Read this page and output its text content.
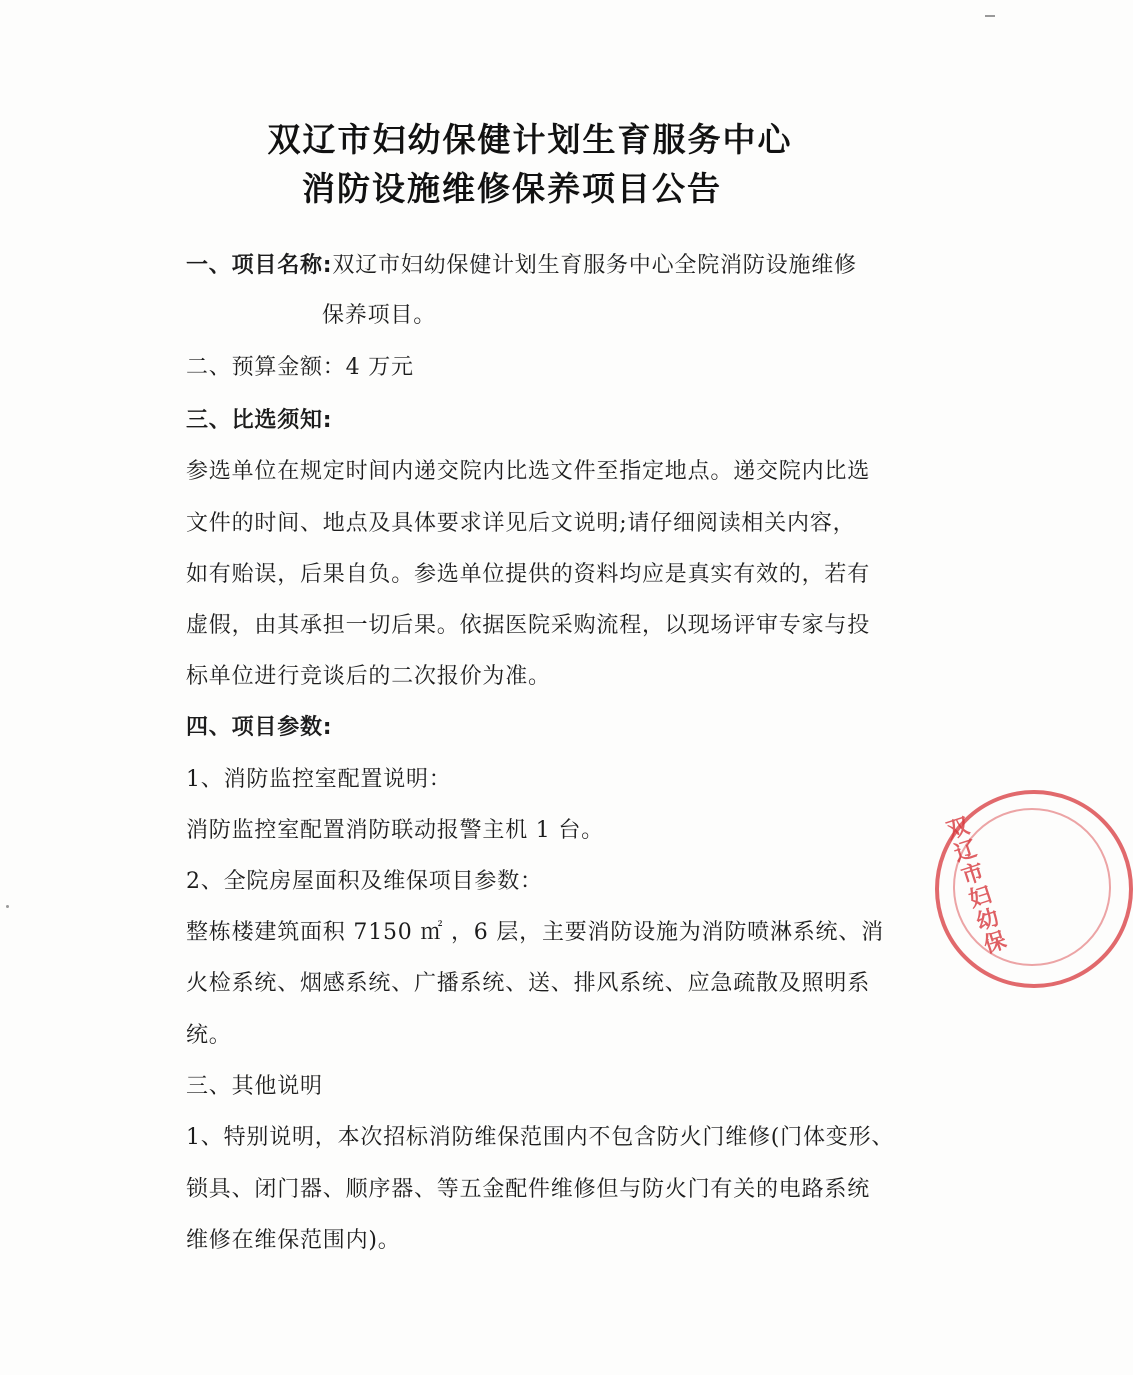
双辽市妇幼保健计划生育服务中心
消防设施维修保养项目公告
一、项目名称:双辽市妇幼保健计划生育服务中心全院消防设施维修
保养项目。
二、预算金额：4 万元
三、比选须知:
参选单位在规定时间内递交院内比选文件至指定地点。递交院内比选
文件的时间、地点及具体要求详见后文说明;请仔细阅读相关内容，
如有贻误，后果自负。参选单位提供的资料均应是真实有效的，若有
虚假，由其承担一切后果。依据医院采购流程，以现场评审专家与投
标单位进行竞谈后的二次报价为准。
四、项目参数:
1、消防监控室配置说明：
消防监控室配置消防联动报警主机 1 台。
2、全院房屋面积及维保项目参数：
整栋楼建筑面积 7150 ㎡ ，6 层，主要消防设施为消防喷淋系统、消
火检系统、烟感系统、广播系统、送、排风系统、应急疏散及照明系
统。
三、其他说明
1、特别说明，本次招标消防维保范围内不包含防火门维修(门体变形、
锁具、闭门器、顺序器、等五金配件维修但与防火门有关的电路系统
维修在维保范围内)。
双辽市妇幼保
